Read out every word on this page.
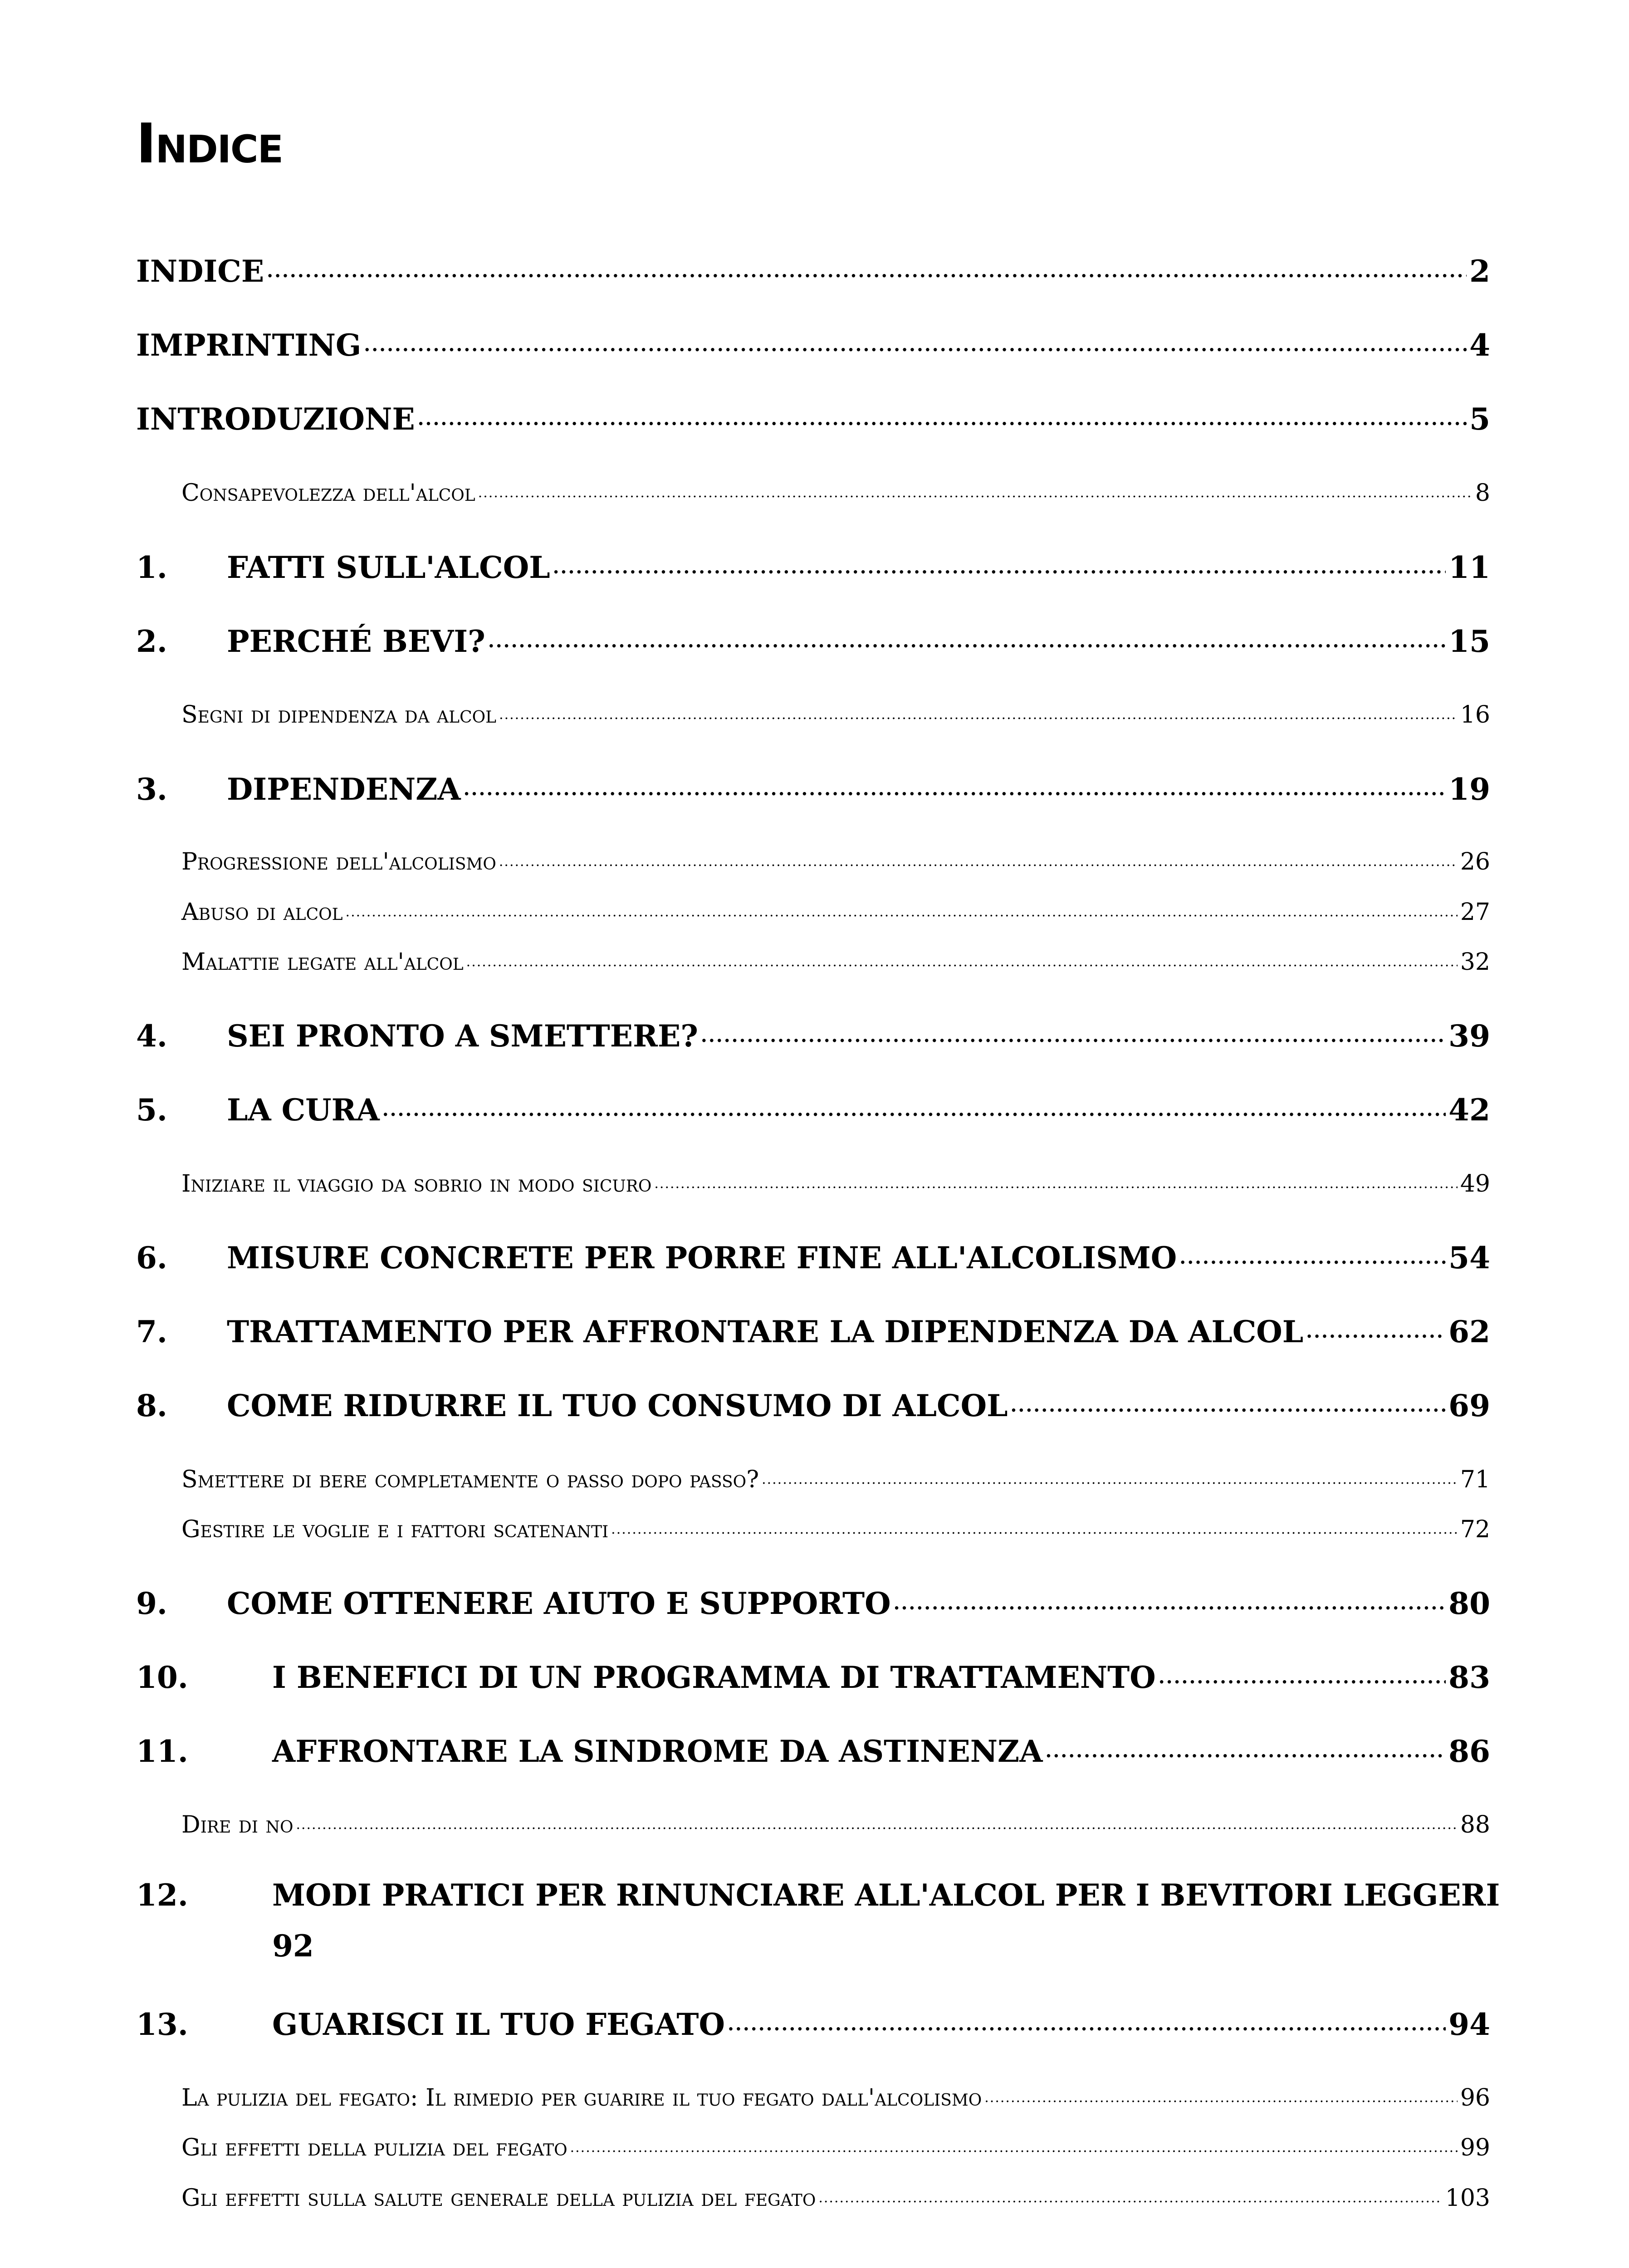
Indice
INDICE .....	2
IMPRINTING .....	4
INTRODUZIONE .....	5
Consapevolezza dell'alcol .....	8
1.	FATTI SULL'ALCOL .....	11
2.	PERCHÉ BEVI? .....	15
Segni di dipendenza da alcol .....	16
3.	DIPENDENZA .....	19
Progressione dell'alcolismo .....	26
Abuso di alcol .....	27
Malattie legate all'alcol .....	32
4.	SEI PRONTO A SMETTERE? .....	39
5.	LA CURA .....	42
Iniziare il viaggio da sobrio in modo sicuro .....	49
6.	MISURE CONCRETE PER PORRE FINE ALL'ALCOLISMO .....	54
7.	TRATTAMENTO PER AFFRONTARE LA DIPENDENZA DA ALCOL .....	62
8.	COME RIDURRE IL TUO CONSUMO DI ALCOL .....	69
Smettere di bere completamente o passo dopo passo? .....	71
Gestire le voglie e i fattori scatenanti .....	72
9.	COME OTTENERE AIUTO E SUPPORTO .....	80
10.	I BENEFICI DI UN PROGRAMMA DI TRATTAMENTO .....	83
11.	AFFRONTARE LA SINDROME DA ASTINENZA .....	86
Dire di no .....	88
12.	MODI PRATICI PER RINUNCIARE ALL'ALCOL PER I BEVITORI LEGGERI
92
13.	GUARISCI IL TUO FEGATO .....	94
La pulizia del fegato: Il rimedio per guarire il tuo fegato dall'alcolismo .....	96
Gli effetti della pulizia del fegato .....	99
Gli effetti sulla salute generale della pulizia del fegato .....	103
